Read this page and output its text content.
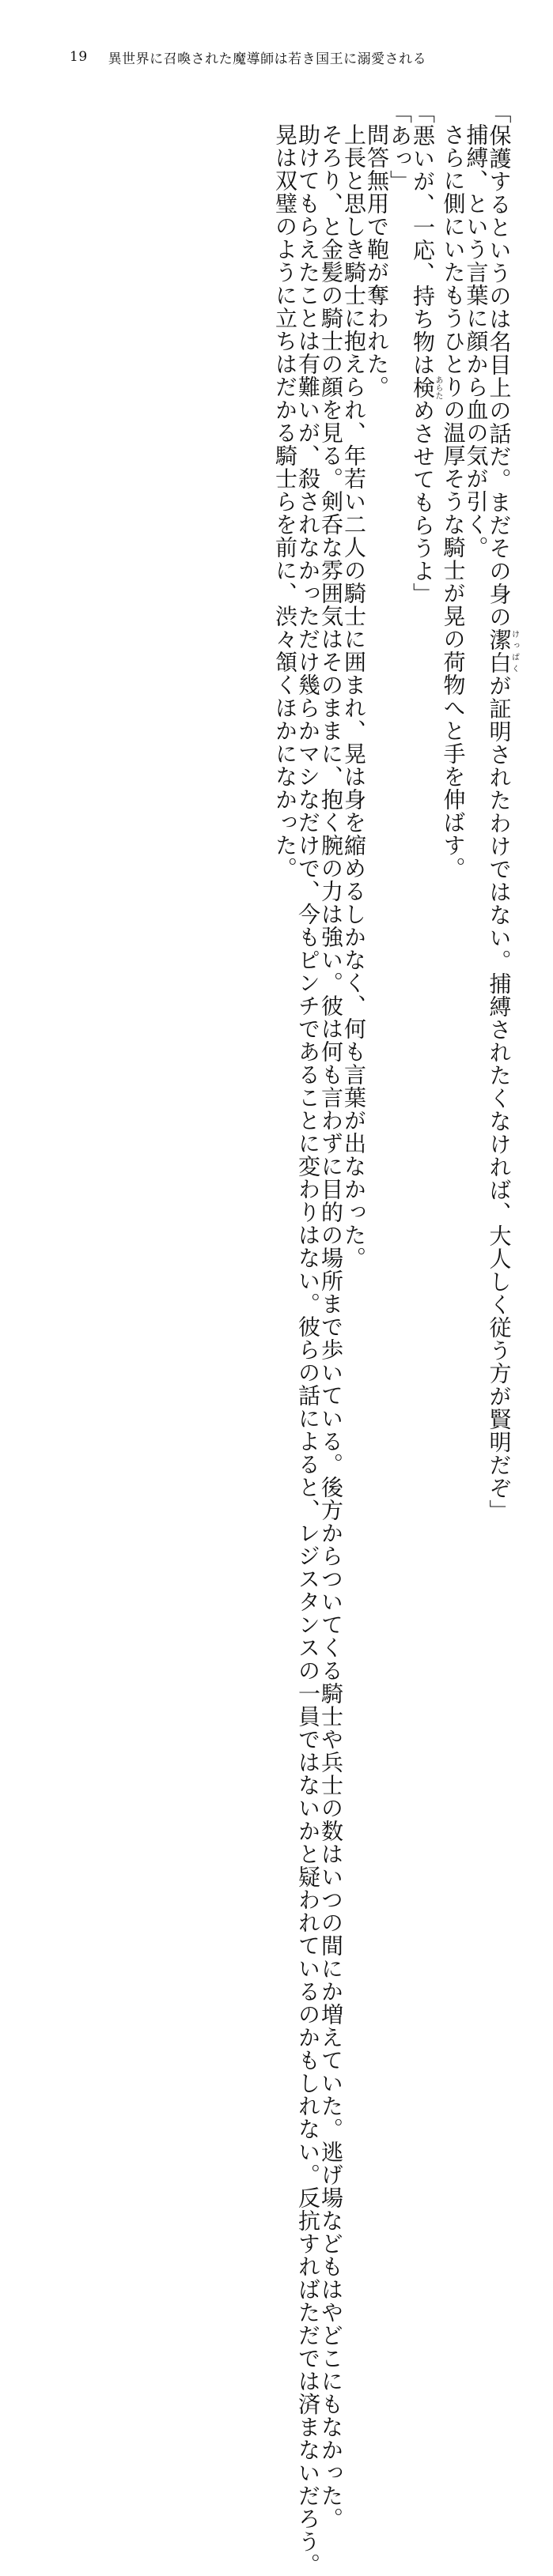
19 異世界に召喚された魔導師は若き国王に溺愛される

「保護するというのは名目上の話だ。まだその身の潔白けっぱくが証明されたわけではない。捕縛されたくなければ、大人しく従う方が賢明だぞ」

捕縛、という言葉に顔から血の気が引く。

さらに側にいたもうひとりの温厚そうな騎士が晃の荷物へと手を伸ばす。

「悪いが、一応、持ち物は検あらためさせてもらうよ」

「あっ」

問答無用で鞄が奪われた。

上長と思しき騎士に抱えられ、年若い二人の騎士に囲まれ、晃は身を縮めるしかなく、何も言葉が出なかった。

そろり、と金髪の騎士の顔を見る。剣呑な雰囲気はそのままに、抱く腕の力は強い。彼は何も言わずに目的の場所まで歩いている。後方からついてくる騎士や兵士の数はいつの間にか増えていた。逃げ場などもはやどこにもなかった。

助けてもらえたことは有難いが、殺されなかっただけ幾らかマシなだけで、今もピンチであることに変わりはない。彼らの話によると、レジスタンスの一員ではないかと疑われているのかもしれない。反抗すればただでは済まないだろう。

晃は双璧のように立ちはだかる騎士らを前に、渋々頷くほかになかった。
